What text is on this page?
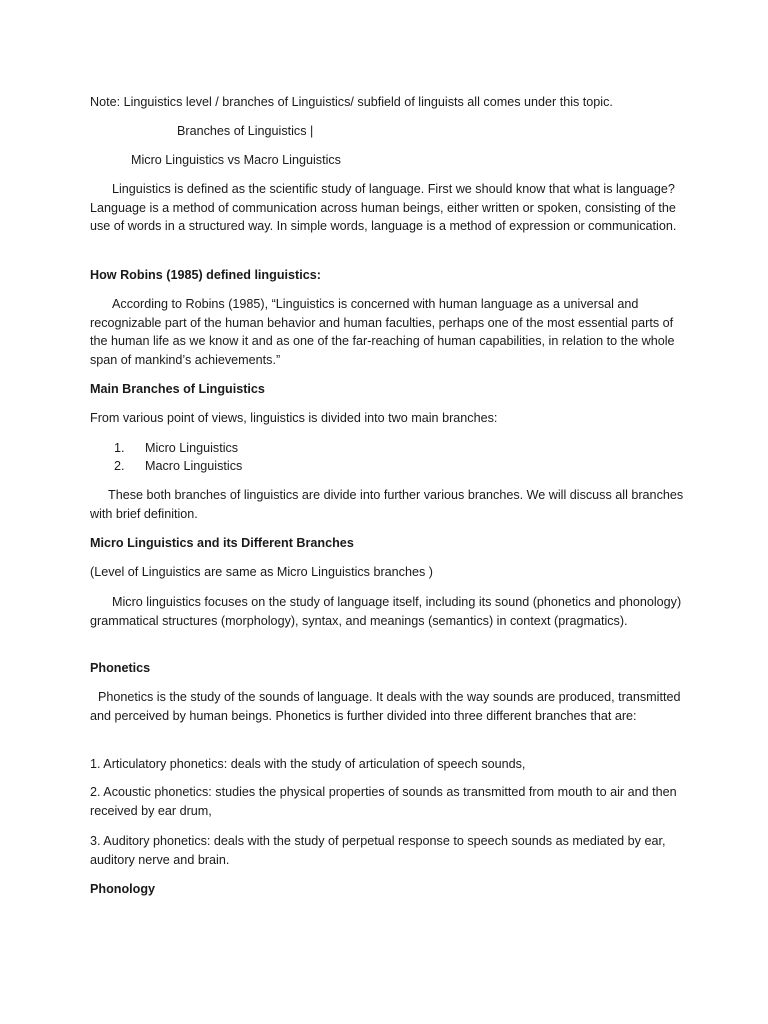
Note: Linguistics level / branches of Linguistics/ subfield of linguists all comes under this topic.

Branches of Linguistics |

Micro Linguistics vs Macro Linguistics

Linguistics is defined as the scientific study of language. First we should know that what is language? Language is a method of communication across human beings, either written or spoken, consisting of the use of words in a structured way. In simple words, language is a method of expression or communication.

How Robins (1985) defined linguistics:

According to Robins (1985), “Linguistics is concerned with human language as a universal and recognizable part of the human behavior and human faculties, perhaps one of the most essential parts of the human life as we know it and as one of the far-reaching of human capabilities, in relation to the whole span of mankind’s achievements.”

Main Branches of Linguistics

From various point of views, linguistics is divided into two main branches:

1. Micro Linguistics
2. Macro Linguistics

These both branches of linguistics are divide into further various branches. We will discuss all branches with brief definition.

Micro Linguistics and its Different Branches

(Level of Linguistics are same as Micro Linguistics branches )

Micro linguistics focuses on the study of language itself, including its sound (phonetics and phonology) grammatical structures (morphology), syntax, and meanings (semantics) in context (pragmatics).

Phonetics

Phonetics is the study of the sounds of language. It deals with the way sounds are produced, transmitted and perceived by human beings. Phonetics is further divided into three different branches that are:

1. Articulatory phonetics: deals with the study of articulation of speech sounds,

2. Acoustic phonetics: studies the physical properties of sounds as transmitted from mouth to air and then received by ear drum,

3. Auditory phonetics: deals with the study of perpetual response to speech sounds as mediated by ear, auditory nerve and brain.

Phonology
